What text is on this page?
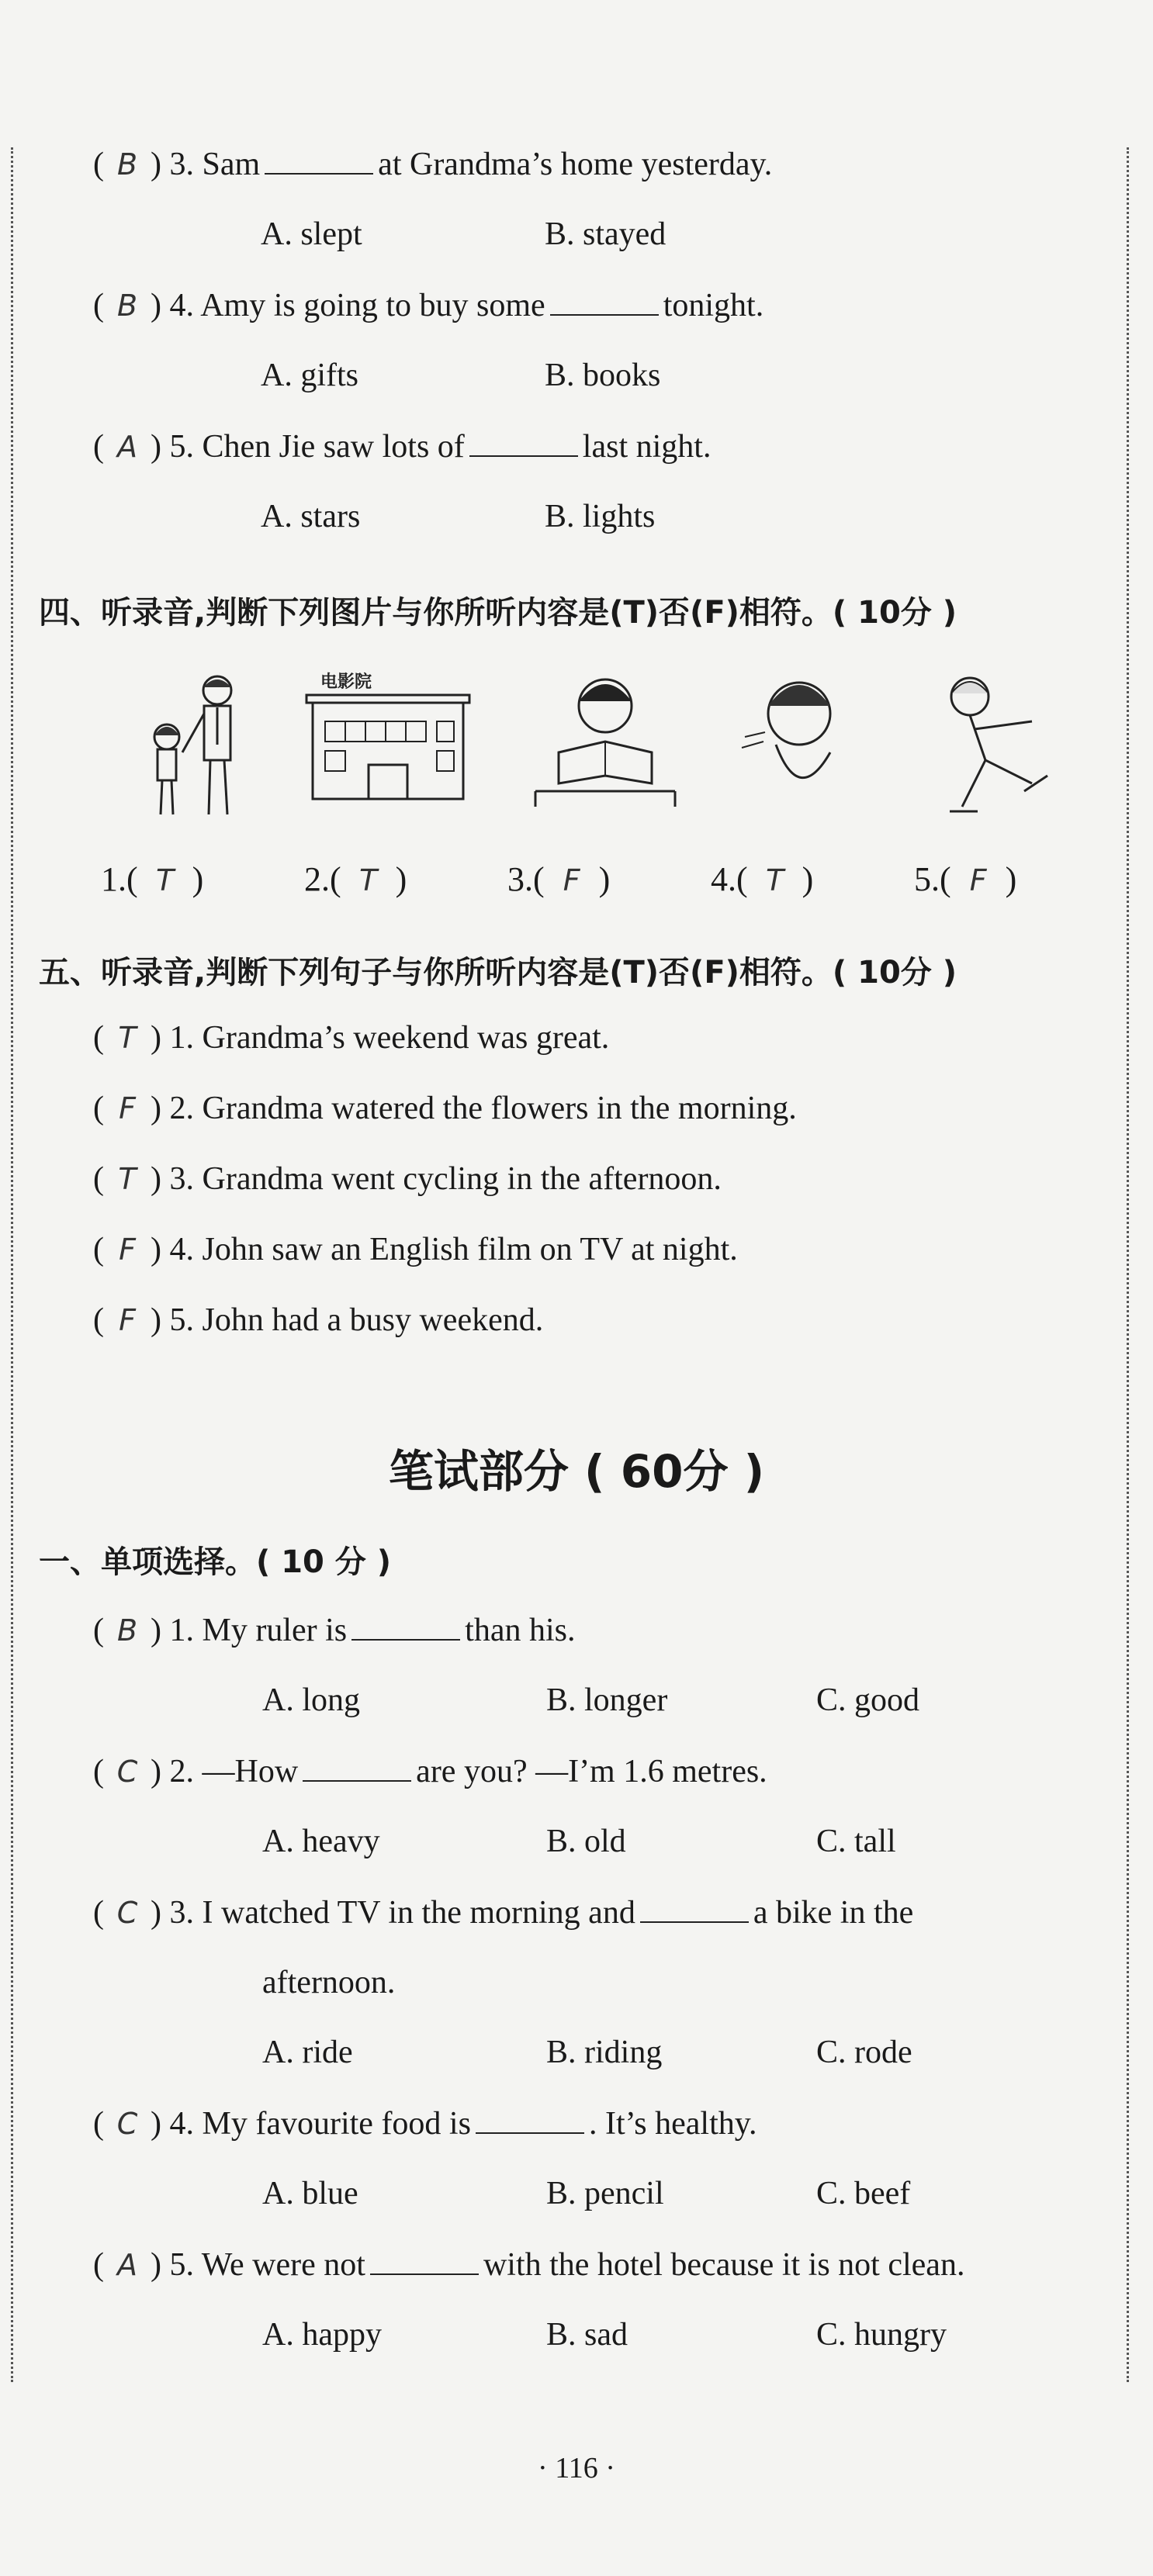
( B ) 3. Sam	at Grandma’s home yesterday.
A. slept	B. stayed
( B ) 4. Amy is going to buy some	tonight.
A. gifts	B. books
( A ) 5. Chen Jie saw lots of	last night.
A. stars	B. lights
四、听录音,判断下列图片与你所听内容是(T)否(F)相符。( 10分 )
电影院
1.( T )	2.( T )	3.( F )	4.( T )	5.( F )
五、听录音,判断下列句子与你所听内容是(T)否(F)相符。( 10分 )
( T ) 1. Grandma’s weekend was great.
( F ) 2. Grandma watered the flowers in the morning.
( T ) 3. Grandma went cycling in the afternoon.
( F ) 4. John saw an English film on TV at night.
( F ) 5. John had a busy weekend.
笔试部分 ( 60分 )
一、单项选择。( 10 分 )
( B ) 1. My ruler is	than his.
A. long	B. longer	C. good
( C ) 2. —How	are you? —I’m 1.6 metres.
A. heavy	B. old	C. tall
( C ) 3. I watched TV in the morning and	a bike in the
afternoon.
A. ride	B. riding	C. rode
( C ) 4. My favourite food is	. It’s healthy.
A. blue	B. pencil	C. beef
( A ) 5. We were not	with the hotel because it is not clean.
A. happy	B. sad	C. hungry
· 116 ·
